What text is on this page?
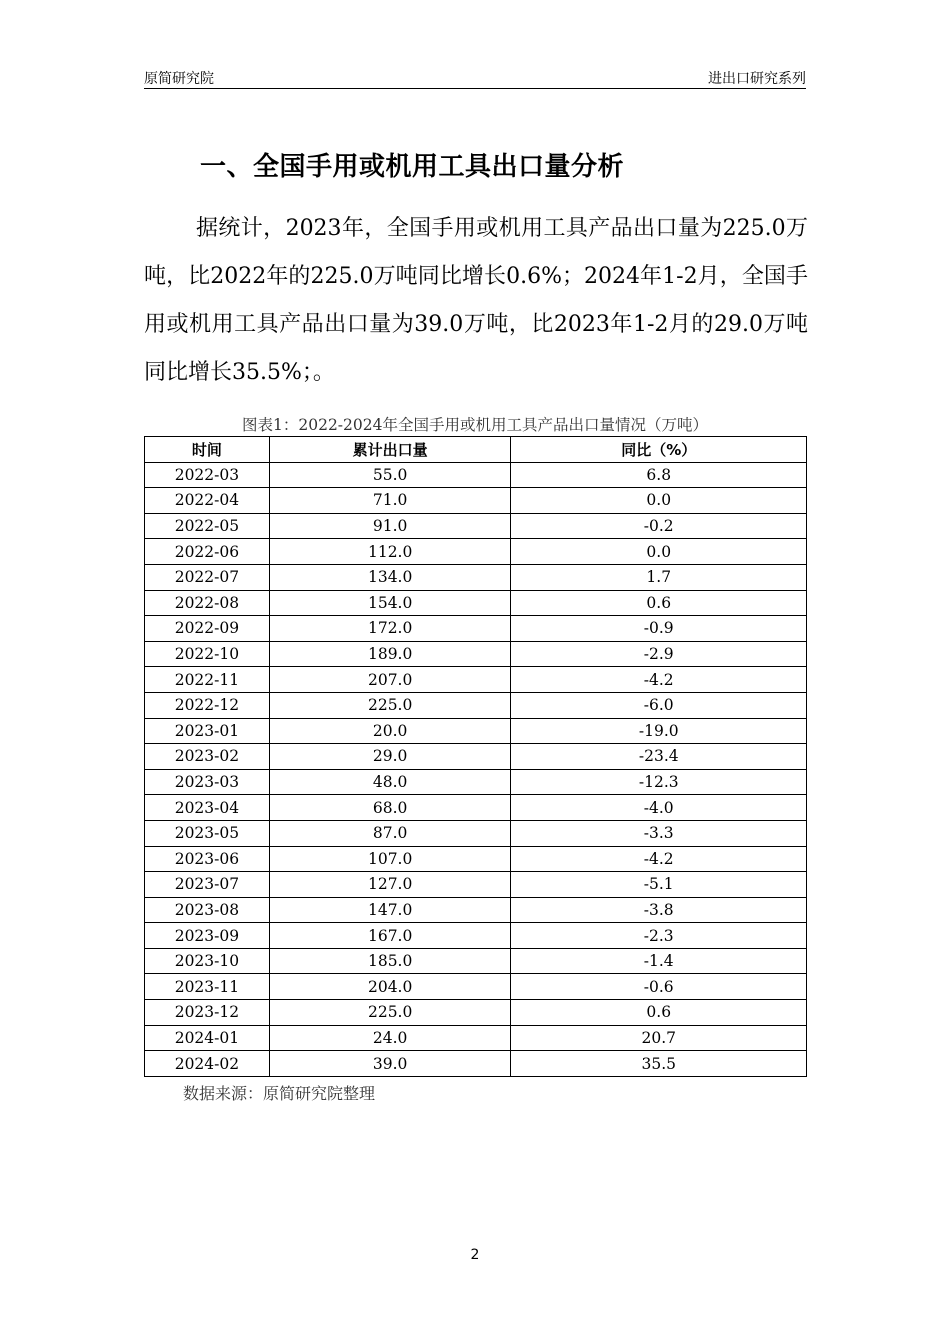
原简研究院	进出口研究系列
一、全国手用或机用工具出口量分析

据统计，2023年，全国手用或机用工具产品出口量为225.0万吨，比2022年的225.0万吨同比增长0.6%；2024年1-2月，全国手用或机用工具产品出口量为39.0万吨，比2023年1-2月的29.0万吨同比增长35.5%；。

图表1：2022-2024年全国手用或机用工具产品出口量情况（万吨）
时间	累计出口量	同比（%）
2022-03	55.0	6.8
2022-04	71.0	0.0
2022-05	91.0	-0.2
2022-06	112.0	0.0
2022-07	134.0	1.7
2022-08	154.0	0.6
2022-09	172.0	-0.9
2022-10	189.0	-2.9
2022-11	207.0	-4.2
2022-12	225.0	-6.0
2023-01	20.0	-19.0
2023-02	29.0	-23.4
2023-03	48.0	-12.3
2023-04	68.0	-4.0
2023-05	87.0	-3.3
2023-06	107.0	-4.2
2023-07	127.0	-5.1
2023-08	147.0	-3.8
2023-09	167.0	-2.3
2023-10	185.0	-1.4
2023-11	204.0	-0.6
2023-12	225.0	0.6
2024-01	24.0	20.7
2024-02	39.0	35.5
数据来源：原简研究院整理
2
